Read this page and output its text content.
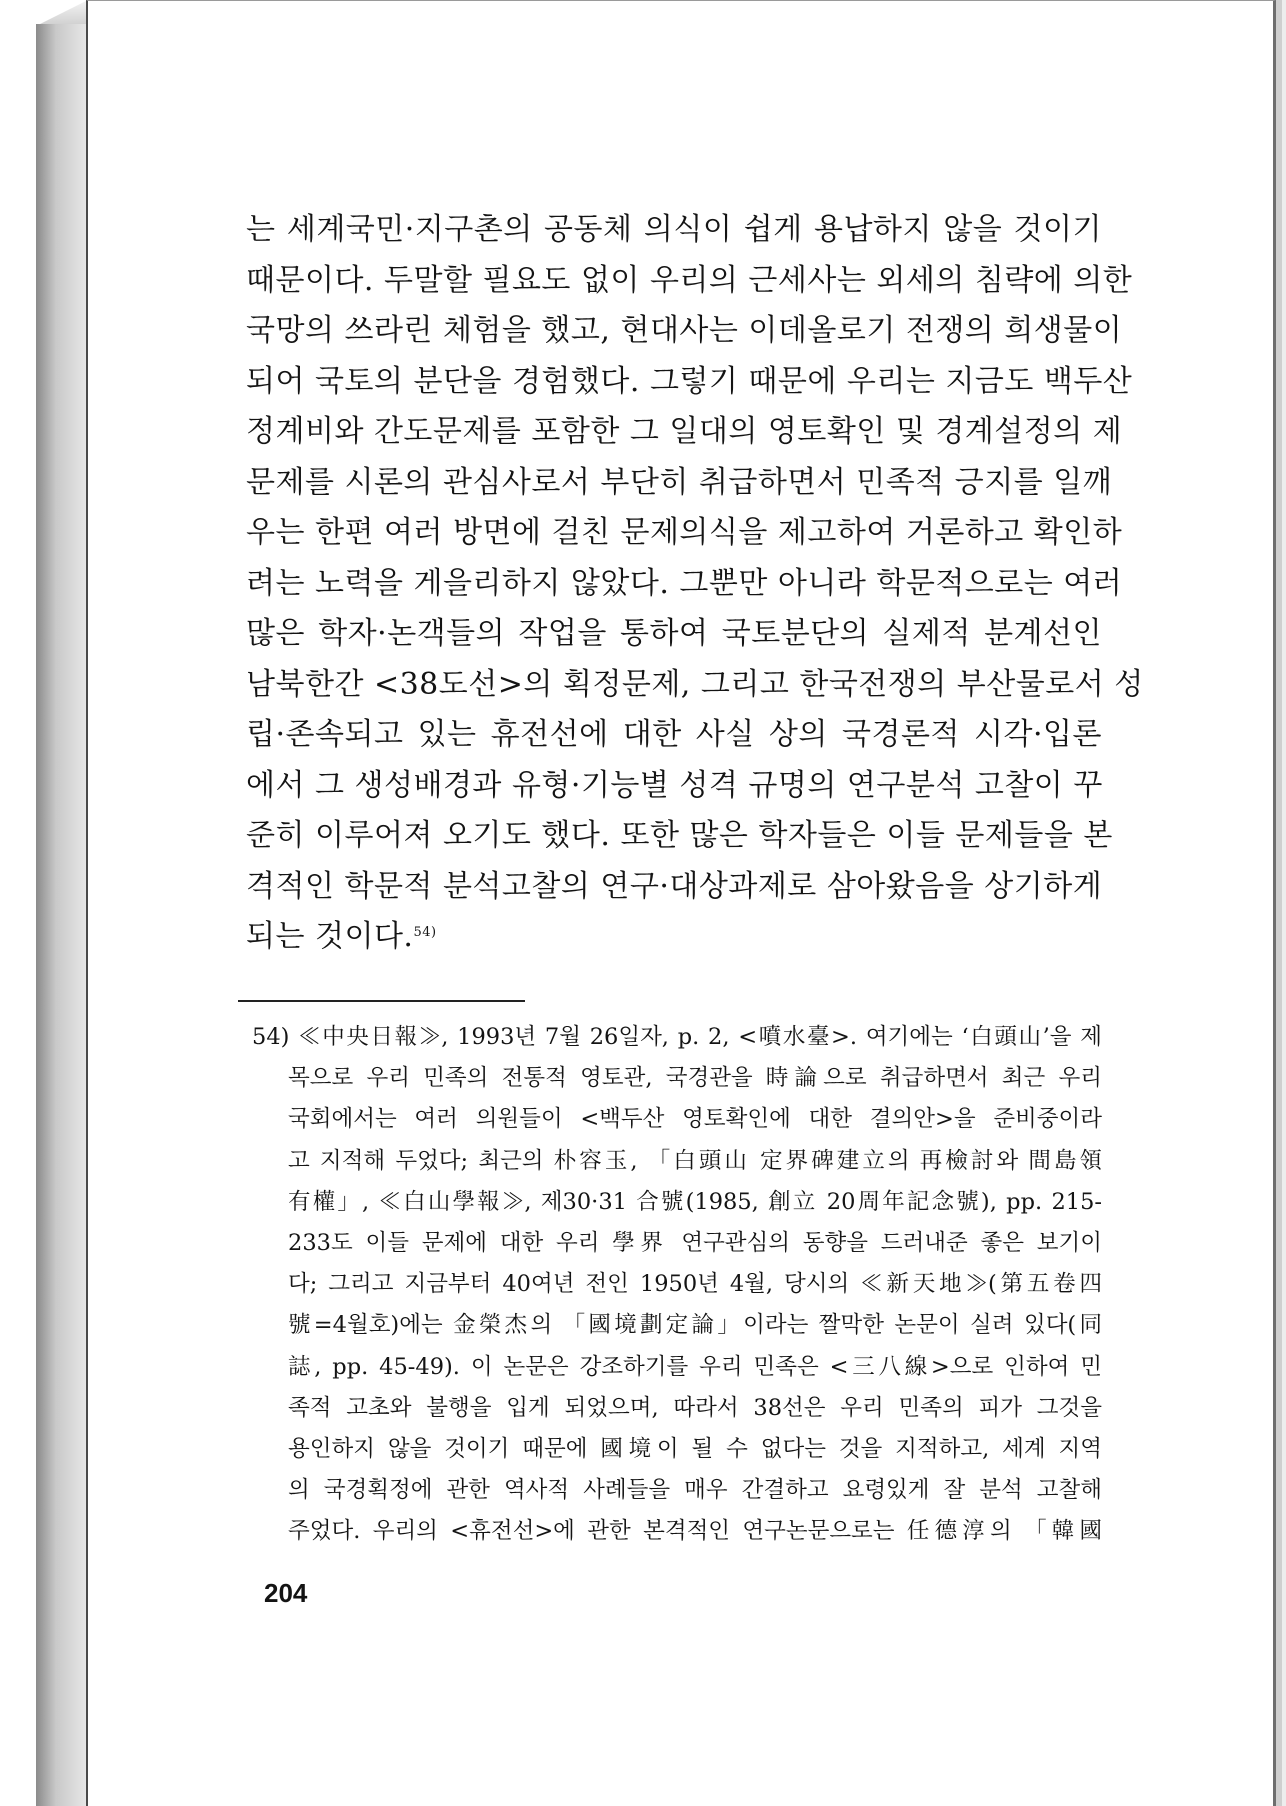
는 세계국민·지구촌의 공동체 의식이 쉽게 용납하지 않을 것이기
때문이다. 두말할 필요도 없이 우리의 근세사는 외세의 침략에 의한
국망의 쓰라린 체험을 했고, 현대사는 이데올로기 전쟁의 희생물이
되어 국토의 분단을 경험했다. 그렇기 때문에 우리는 지금도 백두산
정계비와 간도문제를 포함한 그 일대의 영토확인 및 경계설정의 제
문제를 시론의 관심사로서 부단히 취급하면서 민족적 긍지를 일깨
우는 한편 여러 방면에 걸친 문제의식을 제고하여 거론하고 확인하
려는 노력을 게을리하지 않았다. 그뿐만 아니라 학문적으로는 여러
많은 학자·논객들의 작업을 통하여 국토분단의 실제적 분계선인
남북한간 <38도선>의 획정문제, 그리고 한국전쟁의 부산물로서 성
립·존속되고 있는 휴전선에 대한 사실 상의 국경론적 시각·입론
에서 그 생성배경과 유형·기능별 성격 규명의 연구분석 고찰이 꾸
준히 이루어져 오기도 했다. 또한 많은 학자들은 이들 문제들을 본
격적인 학문적 분석고찰의 연구·대상과제로 삼아왔음을 상기하게
되는 것이다.$^{54)}$
54) ≪中央日報≫, 1993년 7월 26일자, p. 2, <噴水臺>. 여기에는 ‘白頭山’을 제
목으로 우리 민족의 전통적 영토관, 국경관을 時論으로 취급하면서 최근 우리
국회에서는 여러 의원들이 <백두산 영토확인에 대한 결의안>을 준비중이라
고 지적해 두었다; 최근의 朴容玉, 「白頭山 定界碑建立의 再檢討와 間島領
有權」, ≪白山學報≫, 제30·31 合號(1985, 創立 20周年記念號), pp. 215-
233도 이들 문제에 대한 우리 學界 연구관심의 동향을 드러내준 좋은 보기이
다; 그리고 지금부터 40여년 전인 1950년 4월, 당시의 ≪新天地≫(第五卷四
號=4월호)에는 金榮杰의 「國境劃定論」이라는 짤막한 논문이 실려 있다(同
誌, pp. 45-49). 이 논문은 강조하기를 우리 민족은 <三八線>으로 인하여 민
족적 고초와 불행을 입게 되었으며, 따라서 38선은 우리 민족의 피가 그것을
용인하지 않을 것이기 때문에 國境이 될 수 없다는 것을 지적하고, 세계 지역
의 국경획정에 관한 역사적 사례들을 매우 간결하고 요령있게 잘 분석 고찰해
주었다. 우리의 <휴전선>에 관한 본격적인 연구논문으로는 任德淳의 「韓國
204
